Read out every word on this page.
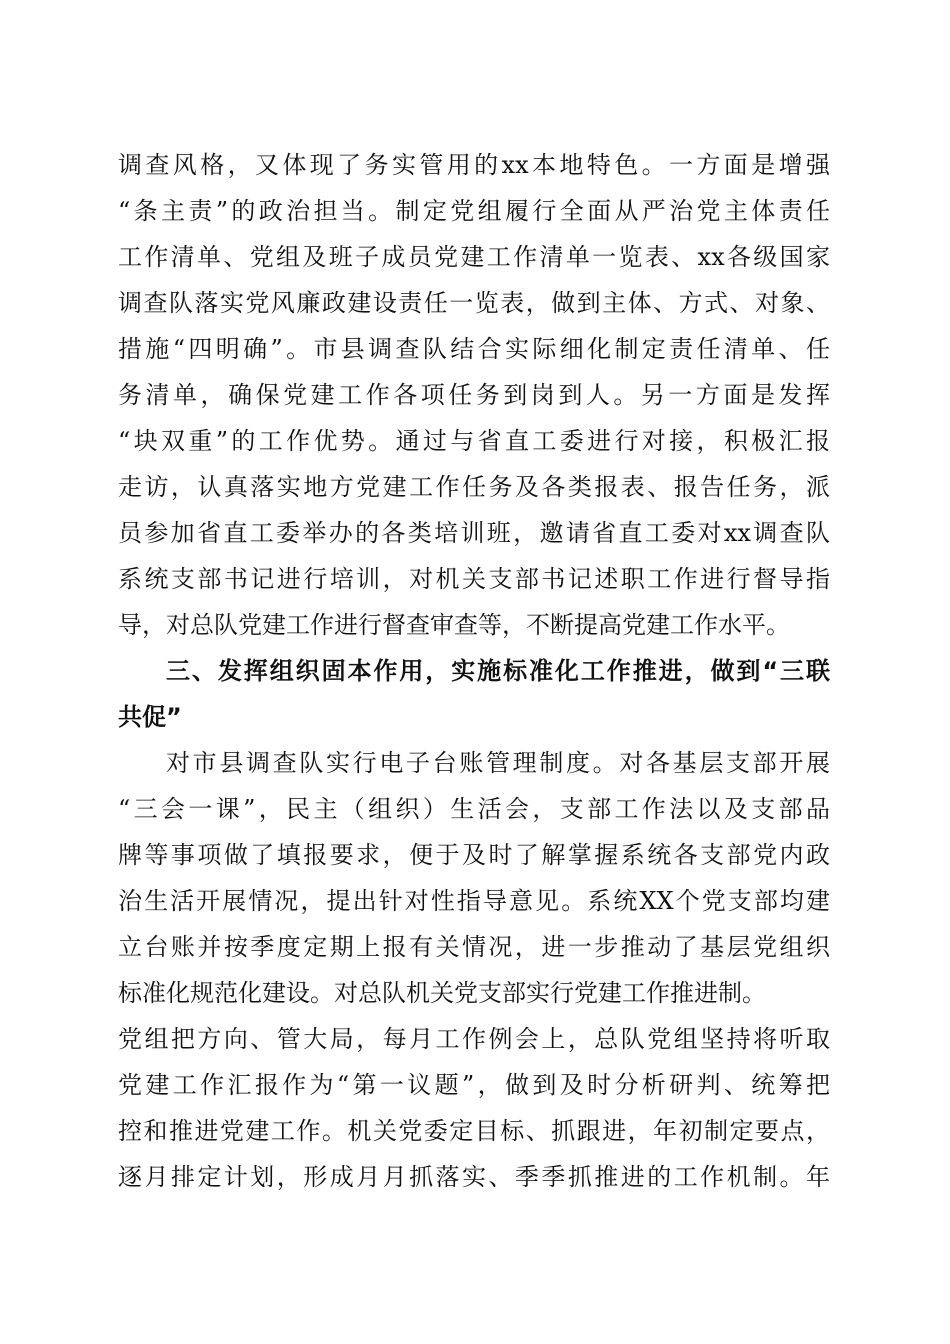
调查风格，又体现了务实管用的xx本地特色。一方面是增强
“条主责”的政治担当。制定党组履行全面从严治党主体责任
工作清单、党组及班子成员党建工作清单一览表、xx各级国家
调查队落实党风廉政建设责任一览表，做到主体、方式、对象、
措施“四明确”。市县调查队结合实际细化制定责任清单、任
务清单，确保党建工作各项任务到岗到人。另一方面是发挥
“块双重”的工作优势。通过与省直工委进行对接，积极汇报
走访，认真落实地方党建工作任务及各类报表、报告任务，派
员参加省直工委举办的各类培训班，邀请省直工委对xx调查队
系统支部书记进行培训，对机关支部书记述职工作进行督导指
导，对总队党建工作进行督查审查等，不断提高党建工作水平。
三、发挥组织固本作用，实施标准化工作推进，做到“三联
共促”
对市县调查队实行电子台账管理制度。对各基层支部开展
“三会一课”，民主（组织）生活会，支部工作法以及支部品
牌等事项做了填报要求，便于及时了解掌握系统各支部党内政
治生活开展情况，提出针对性指导意见。系统XX个党支部均建
立台账并按季度定期上报有关情况，进一步推动了基层党组织
标准化规范化建设。对总队机关党支部实行党建工作推进制。
党组把方向、管大局，每月工作例会上，总队党组坚持将听取
党建工作汇报作为“第一议题”，做到及时分析研判、统筹把
控和推进党建工作。机关党委定目标、抓跟进，年初制定要点，
逐月排定计划，形成月月抓落实、季季抓推进的工作机制。年
